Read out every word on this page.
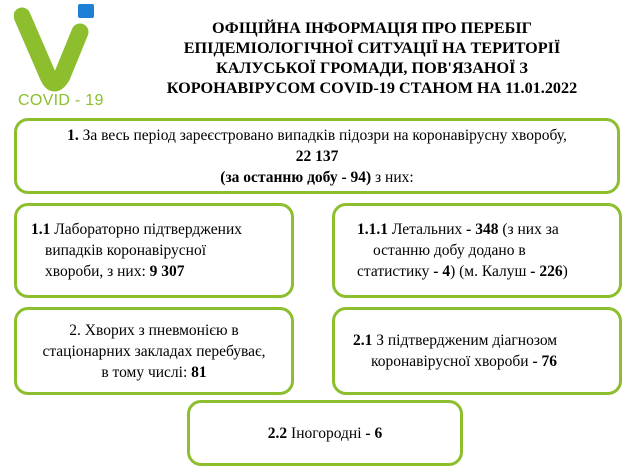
COVID - 19
ОФІЦІЙНА ІНФОРМАЦІЯ ПРО ПЕРЕБІГ
ЕПІДЕМІОЛОГІЧНОЇ СИТУАЦІЇ НА ТЕРИТОРІЇ
КАЛУСЬКОЇ ГРОМАДИ, ПОВ'ЯЗАНОЇ З
КОРОНАВІРУСОМ COVID-19 СТАНОМ НА 11.01.2022
1. За весь період зареєстровано випадків підозри на коронавірусну хворобу,
22 137
(за останню добу - 94) з них:
1.1 Лабораторно підтверджених
випадків коронавірусної
хвороби, з них: 9 307
1.1.1 Летальних - 348 (з них за
останню добу додано в
статистику - 4) (м. Калуш - 226)
2. Хворих з пневмонією в
стаціонарних закладах перебуває,
в тому числі: 81
2.1 З підтвердженим діагнозом
коронавірусної хвороби - 76
2.2 Іногородні - 6
